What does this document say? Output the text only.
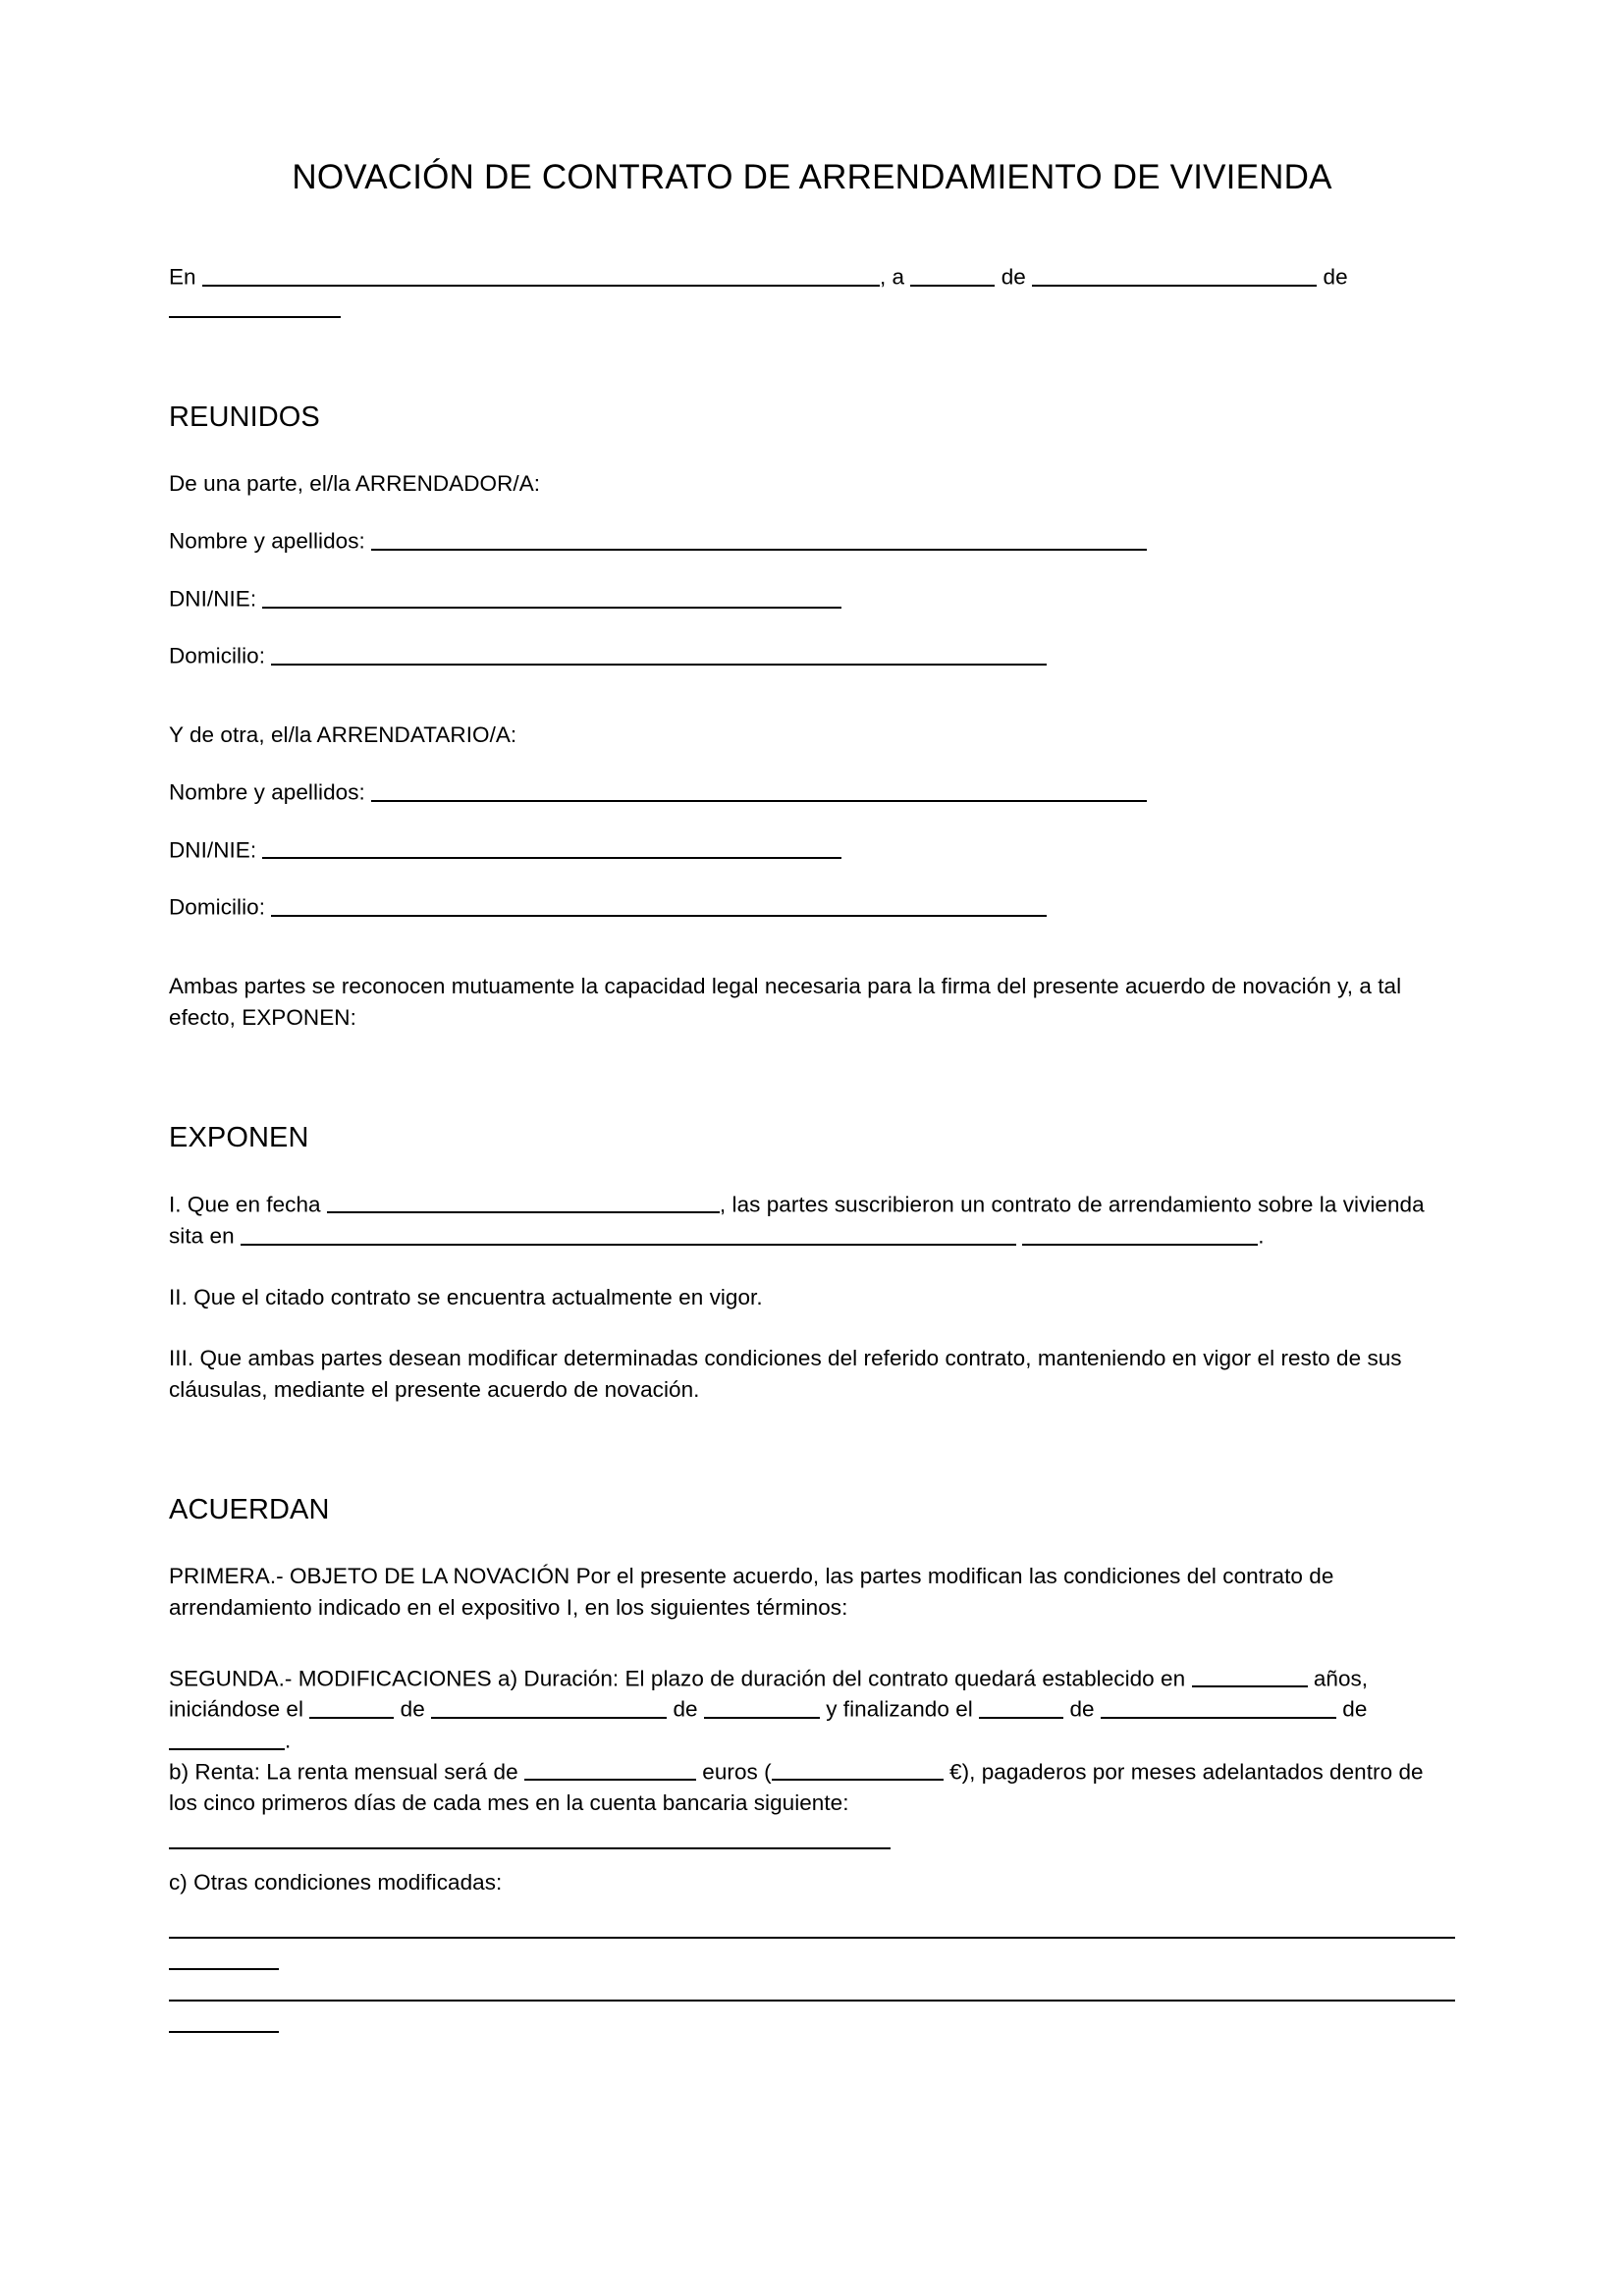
NOVACIÓN DE CONTRATO DE ARRENDAMIENTO DE VIVIENDA

En	, a	de	de

REUNIDOS

De una parte, el/la ARRENDADOR/A:

Nombre y apellidos:

DNI/NIE:

Domicilio:

Y de otra, el/la ARRENDATARIO/A:

Nombre y apellidos:

DNI/NIE:

Domicilio:

Ambas partes se reconocen mutuamente la capacidad legal necesaria para la firma del presente acuerdo de novación y, a tal efecto, EXPONEN:

EXPONEN

I. Que en fecha	, las partes suscribieron un contrato de arrendamiento sobre la vivienda sita en	.

II. Que el citado contrato se encuentra actualmente en vigor.

III. Que ambas partes desean modificar determinadas condiciones del referido contrato, manteniendo en vigor el resto de sus cláusulas, mediante el presente acuerdo de novación.

ACUERDAN

PRIMERA.- OBJETO DE LA NOVACIÓN Por el presente acuerdo, las partes modifican las condiciones del contrato de arrendamiento indicado en el expositivo I, en los siguientes términos:

SEGUNDA.- MODIFICACIONES a) Duración: El plazo de duración del contrato quedará establecido en	años, iniciándose el	de	de	y finalizando el	de	de .

b) Renta: La renta mensual será de	euros (	€), pagaderos por meses adelantados dentro de los cinco primeros días de cada mes en la cuenta bancaria siguiente:

c) Otras condiciones modificadas:
